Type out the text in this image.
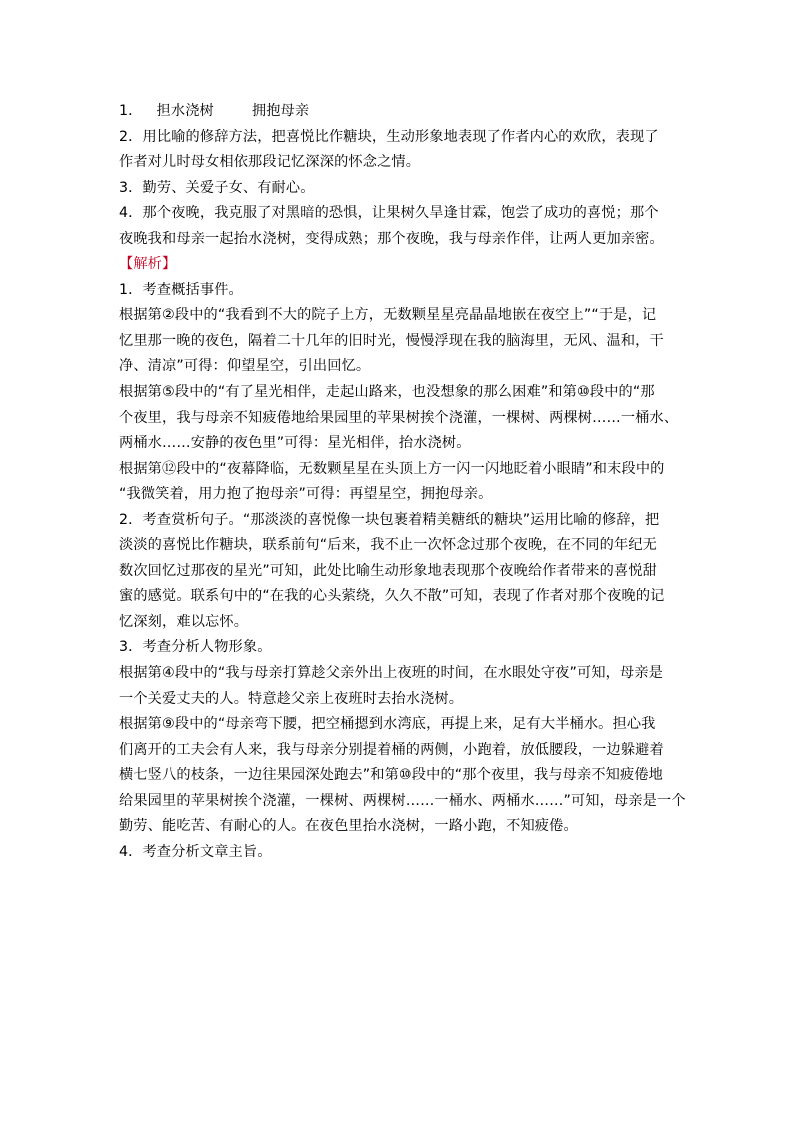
1． 担水浇树	拥抱母亲
2．用比喻的修辞方法，把喜悦比作糖块，生动形象地表现了作者内心的欢欣，表现了
作者对儿时母女相依那段记忆深深的怀念之情。
3．勤劳、关爱子女、有耐心。
4．那个夜晚，我克服了对黑暗的恐惧，让果树久旱逢甘霖，饱尝了成功的喜悦；那个
夜晚我和母亲一起抬水浇树，变得成熟；那个夜晚，我与母亲作伴，让两人更加亲密。
【解析】
1．考查概括事件。
根据第②段中的“我看到不大的院子上方，无数颗星星亮晶晶地嵌在夜空上”“于是，记
忆里那一晚的夜色，隔着二十几年的旧时光，慢慢浮现在我的脑海里，无风、温和，干
净、清凉”可得：仰望星空，引出回忆。
根据第⑤段中的“有了星光相伴，走起山路来，也没想象的那么困难”和第⑩段中的“那
个夜里，我与母亲不知疲倦地给果园里的苹果树挨个浇灌，一棵树、两棵树……一桶水、
两桶水……安静的夜色里”可得：星光相伴，抬水浇树。
根据第⑫段中的“夜幕降临，无数颗星星在头顶上方一闪一闪地眨着小眼睛”和末段中的
“我微笑着，用力抱了抱母亲”可得：再望星空，拥抱母亲。
2．考查赏析句子。“那淡淡的喜悦像一块包裹着精美糖纸的糖块”运用比喻的修辞，把
淡淡的喜悦比作糖块，联系前句“后来，我不止一次怀念过那个夜晚，在不同的年纪无
数次回忆过那夜的星光”可知，此处比喻生动形象地表现那个夜晚给作者带来的喜悦甜
蜜的感觉。联系句中的“在我的心头萦绕，久久不散”可知，表现了作者对那个夜晚的记
忆深刻，难以忘怀。
3．考查分析人物形象。
根据第④段中的“我与母亲打算趁父亲外出上夜班的时间，在水眼处守夜”可知，母亲是
一个关爱丈夫的人。特意趁父亲上夜班时去抬水浇树。
根据第⑨段中的“母亲弯下腰，把空桶摁到水湾底，再提上来，足有大半桶水。担心我
们离开的工夫会有人来，我与母亲分别提着桶的两侧，小跑着，放低腰段，一边躲避着
横七竖八的枝条，一边往果园深处跑去”和第⑩段中的“那个夜里，我与母亲不知疲倦地
给果园里的苹果树挨个浇灌，一棵树、两棵树……一桶水、两桶水……”可知，母亲是一个
勤劳、能吃苦、有耐心的人。在夜色里抬水浇树，一路小跑，不知疲倦。
4．考查分析文章主旨。
